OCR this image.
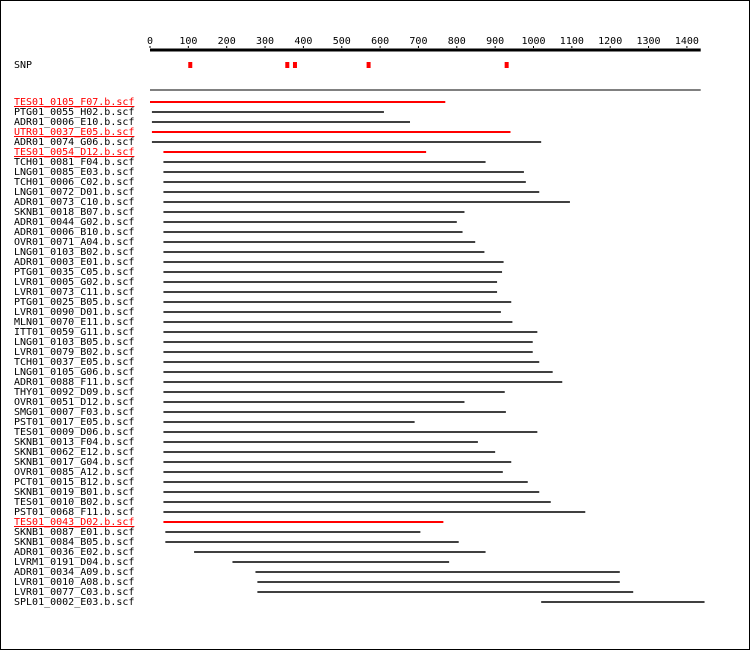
0	100 200 300 400 500 600 700 800 900 1000 1100 1200 1300 1400
SNP
TES01_0105_F07.b.scf
PTG01_0055_H02.b.scf
ADR01_0006_E10.b.scf
UTR01_0037_E05.b.scf
ADR01_0074_G06.b.scf
TES01_0054_D12.b.scf
TCH01_0081_F04.b.scf
LNG01_0085_E03.b.scf
TCH01_0006_C02.b.scf
LNG01_0072_D01.b.scf
ADR01_0073_C10.b.scf
SKNB1_0018_B07.b.scf
ADR01_0044_G02.b.scf
ADR01_0006_B10.b.scf
OVR01_0071_A04.b.scf
LNG01_0103_B02.b.scf
ADR01_0003_E01.b.scf
PTG01_0035_C05.b.scf
LVR01_0005_G02.b.scf
LVR01_0073_C11.b.scf
PTG01_0025_B05.b.scf
LVR01_0090_D01.b.scf
MLN01_0070_E11.b.scf
ITT01_0059_G11.b.scf
LNG01_0103_B05.b.scf
LVR01_0079_B02.b.scf
TCH01_0037_E05.b.scf
LNG01_0105_G06.b.scf
ADR01_0088_F11.b.scf
THY01_0092_D09.b.scf
OVR01_0051_D12.b.scf
SMG01_0007_F03.b.scf
PST01_0017_E05.b.scf
TES01_0009_D06.b.scf
SKNB1_0013_F04.b.scf
SKNB1_0062_E12.b.scf
SKNB1_0017_G04.b.scf
OVR01_0085_A12.b.scf
PCT01_0015_B12.b.scf
SKNB1_0019_B01.b.scf
TES01_0010_B02.b.scf
PST01_0068_F11.b.scf
TES01_0043_D02.b.scf
SKNB1_0087_E01.b.scf
SKNB1_0084_B05.b.scf
ADR01_0036_E02.b.scf
LVRM1_0191_D04.b.scf
ADR01_0034_A09.b.scf
LVR01_0010_A08.b.scf
LVR01_0077_C03.b.scf
SPL01_0002_E03.b.scf
